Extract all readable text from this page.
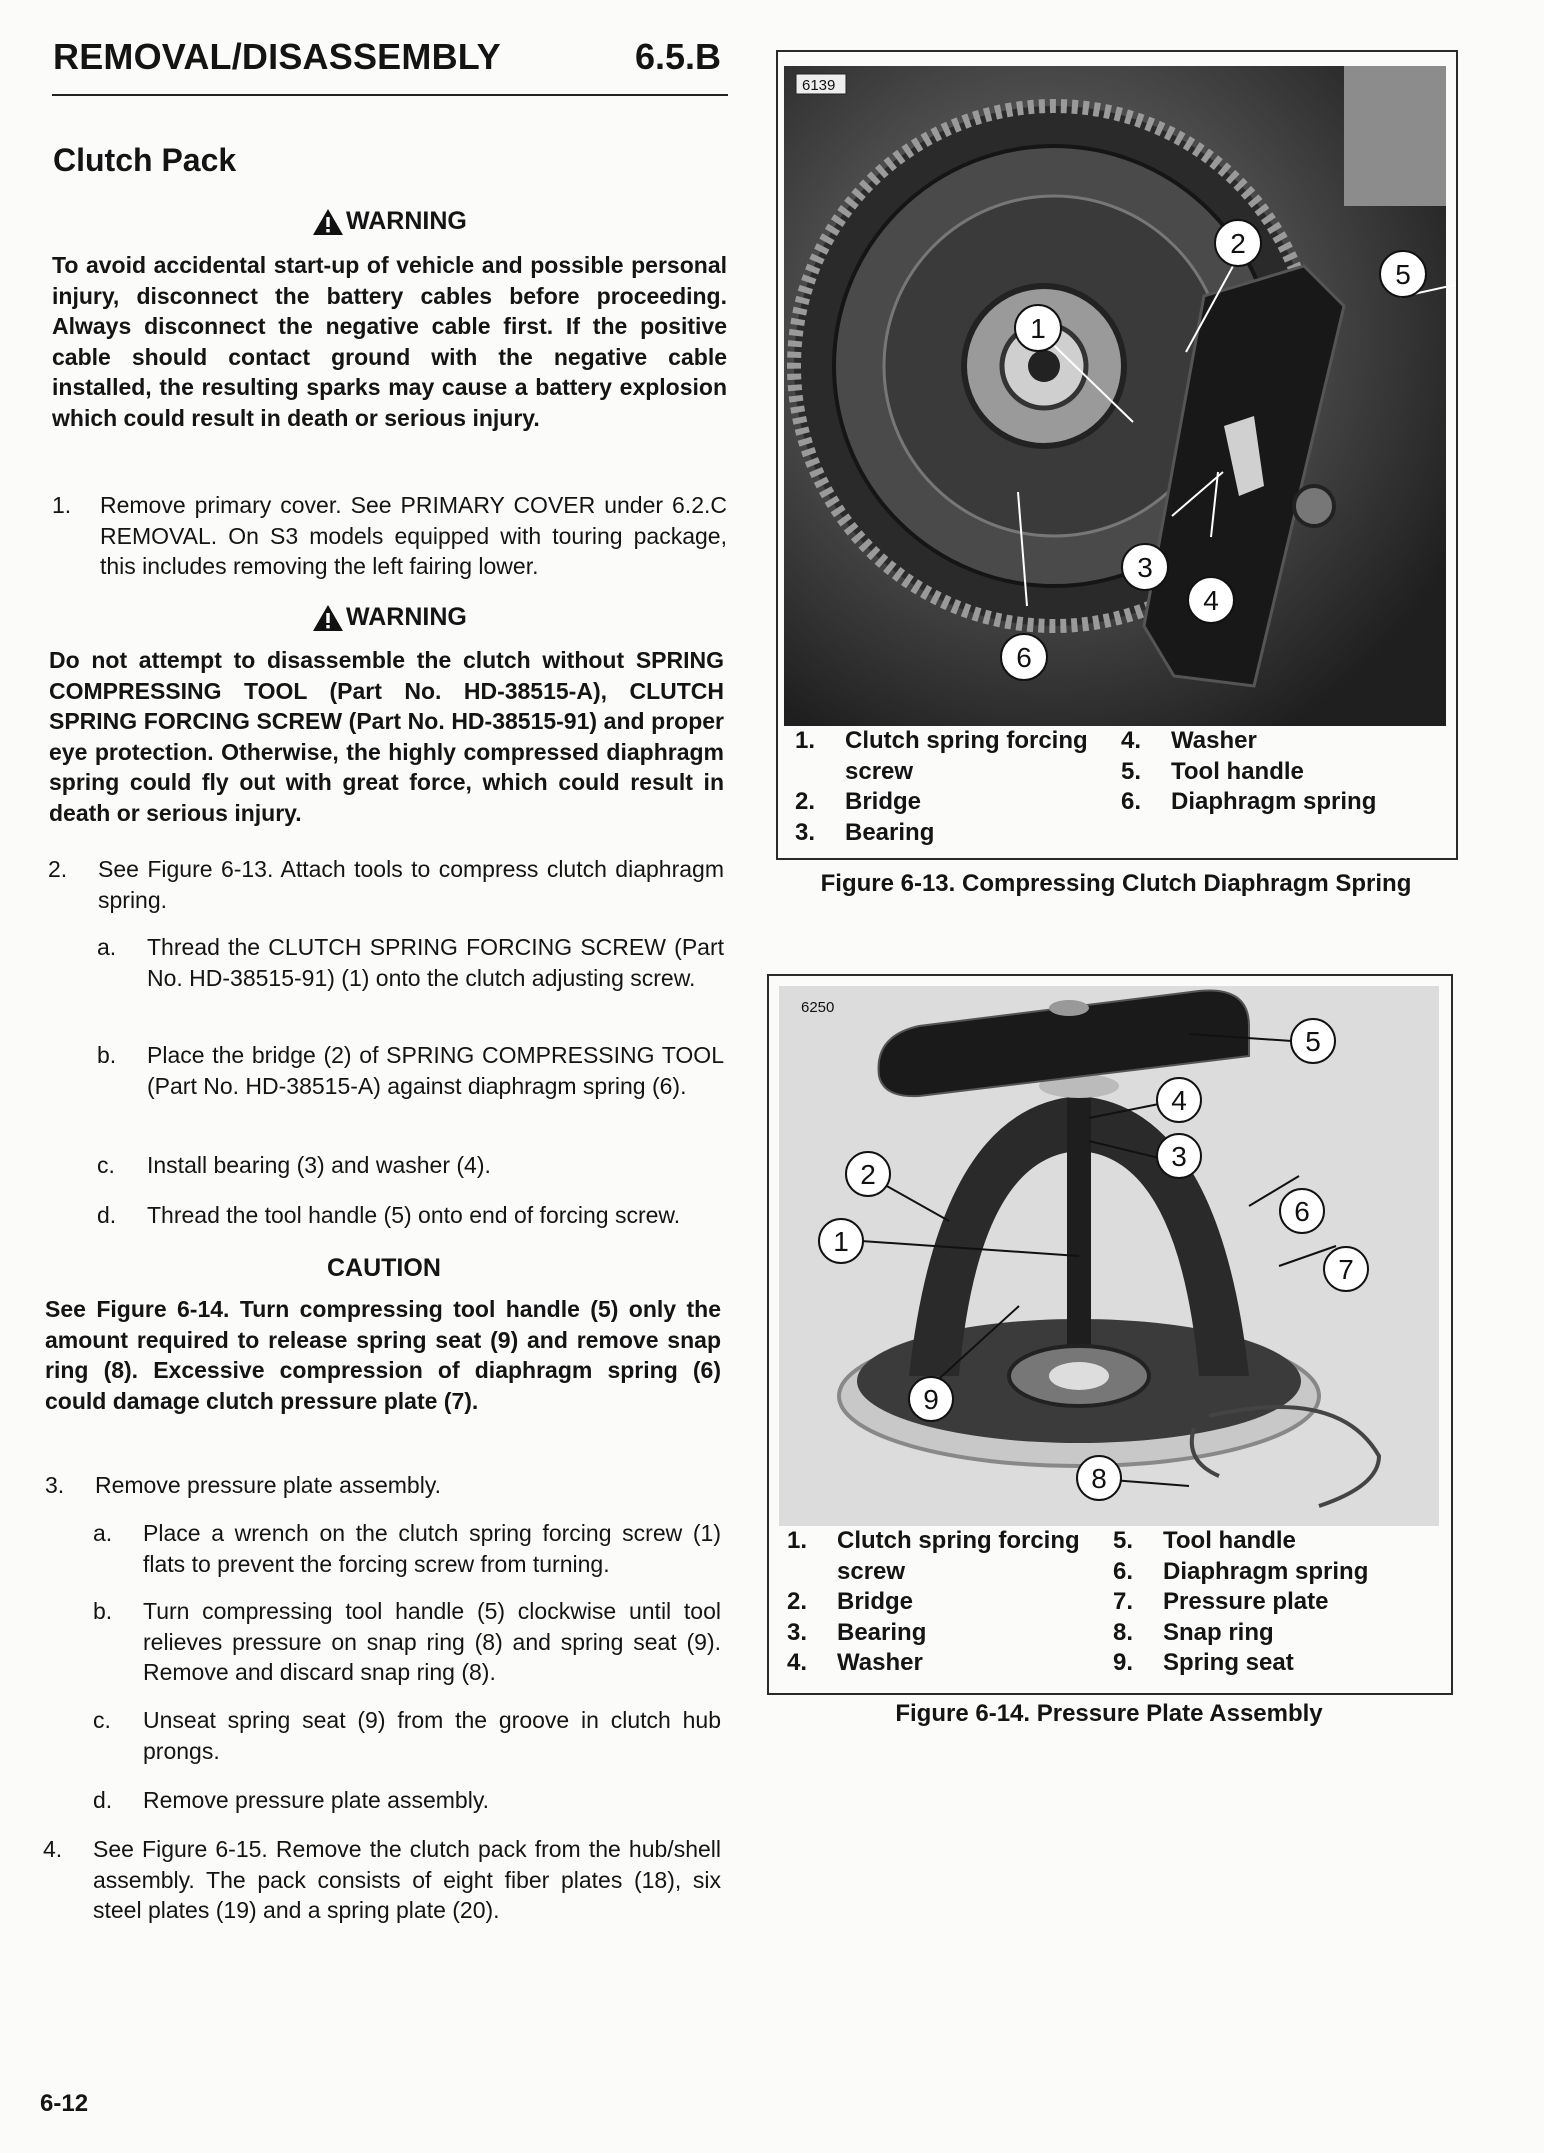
REMOVAL/DISASSEMBLY	6.5.B
Clutch Pack
WARNING
To avoid accidental start-up of vehicle and possible personal injury, disconnect the battery cables before proceeding. Always disconnect the negative cable first. If the positive cable should contact ground with the negative cable installed, the resulting sparks may cause a battery explosion which could result in death or serious injury.
1.	Remove primary cover. See PRIMARY COVER under 6.2.C REMOVAL. On S3 models equipped with touring package, this includes removing the left fairing lower.
WARNING
Do not attempt to disassemble the clutch without SPRING COMPRESSING TOOL (Part No. HD-38515-A), CLUTCH SPRING FORCING SCREW (Part No. HD-38515-91) and proper eye protection. Otherwise, the highly compressed diaphragm spring could fly out with great force, which could result in death or serious injury.
2.	See Figure 6-13. Attach tools to compress clutch diaphragm spring.
a.	Thread the CLUTCH SPRING FORCING SCREW (Part No. HD-38515-91) (1) onto the clutch adjusting screw.
b.	Place the bridge (2) of SPRING COMPRESSING TOOL (Part No. HD-38515-A) against diaphragm spring (6).
c.	Install bearing (3) and washer (4).
d.	Thread the tool handle (5) onto end of forcing screw.
CAUTION
See Figure 6-14. Turn compressing tool handle (5) only the amount required to release spring seat (9) and remove snap ring (8). Excessive compression of diaphragm spring (6) could damage clutch pressure plate (7).
3.	Remove pressure plate assembly.
a.	Place a wrench on the clutch spring forcing screw (1) flats to prevent the forcing screw from turning.
b.	Turn compressing tool handle (5) clockwise until tool relieves pressure on snap ring (8) and spring seat (9). Remove and discard snap ring (8).
c.	Unseat spring seat (9) from the groove in clutch hub prongs.
d.	Remove pressure plate assembly.
4.	See Figure 6-15. Remove the clutch pack from the hub/shell assembly. The pack consists of eight fiber plates (18), six steel plates (19) and a spring plate (20).
6139
1
2
5
3
4
6
1.	Clutch spring forcing
screw
2.	Bridge
3.	Bearing
4.	Washer
5.	Tool handle
6.	Diaphragm spring
Figure 6-13. Compressing Clutch Diaphragm Spring
6250
1
2
3
4
5
6
7
8
9
1.	Clutch spring forcing
screw
2.	Bridge
3.	Bearing
4.	Washer
5.	Tool handle
6.	Diaphragm spring
7.	Pressure plate
8.	Snap ring
9.	Spring seat
Figure 6-14. Pressure Plate Assembly
6-12
